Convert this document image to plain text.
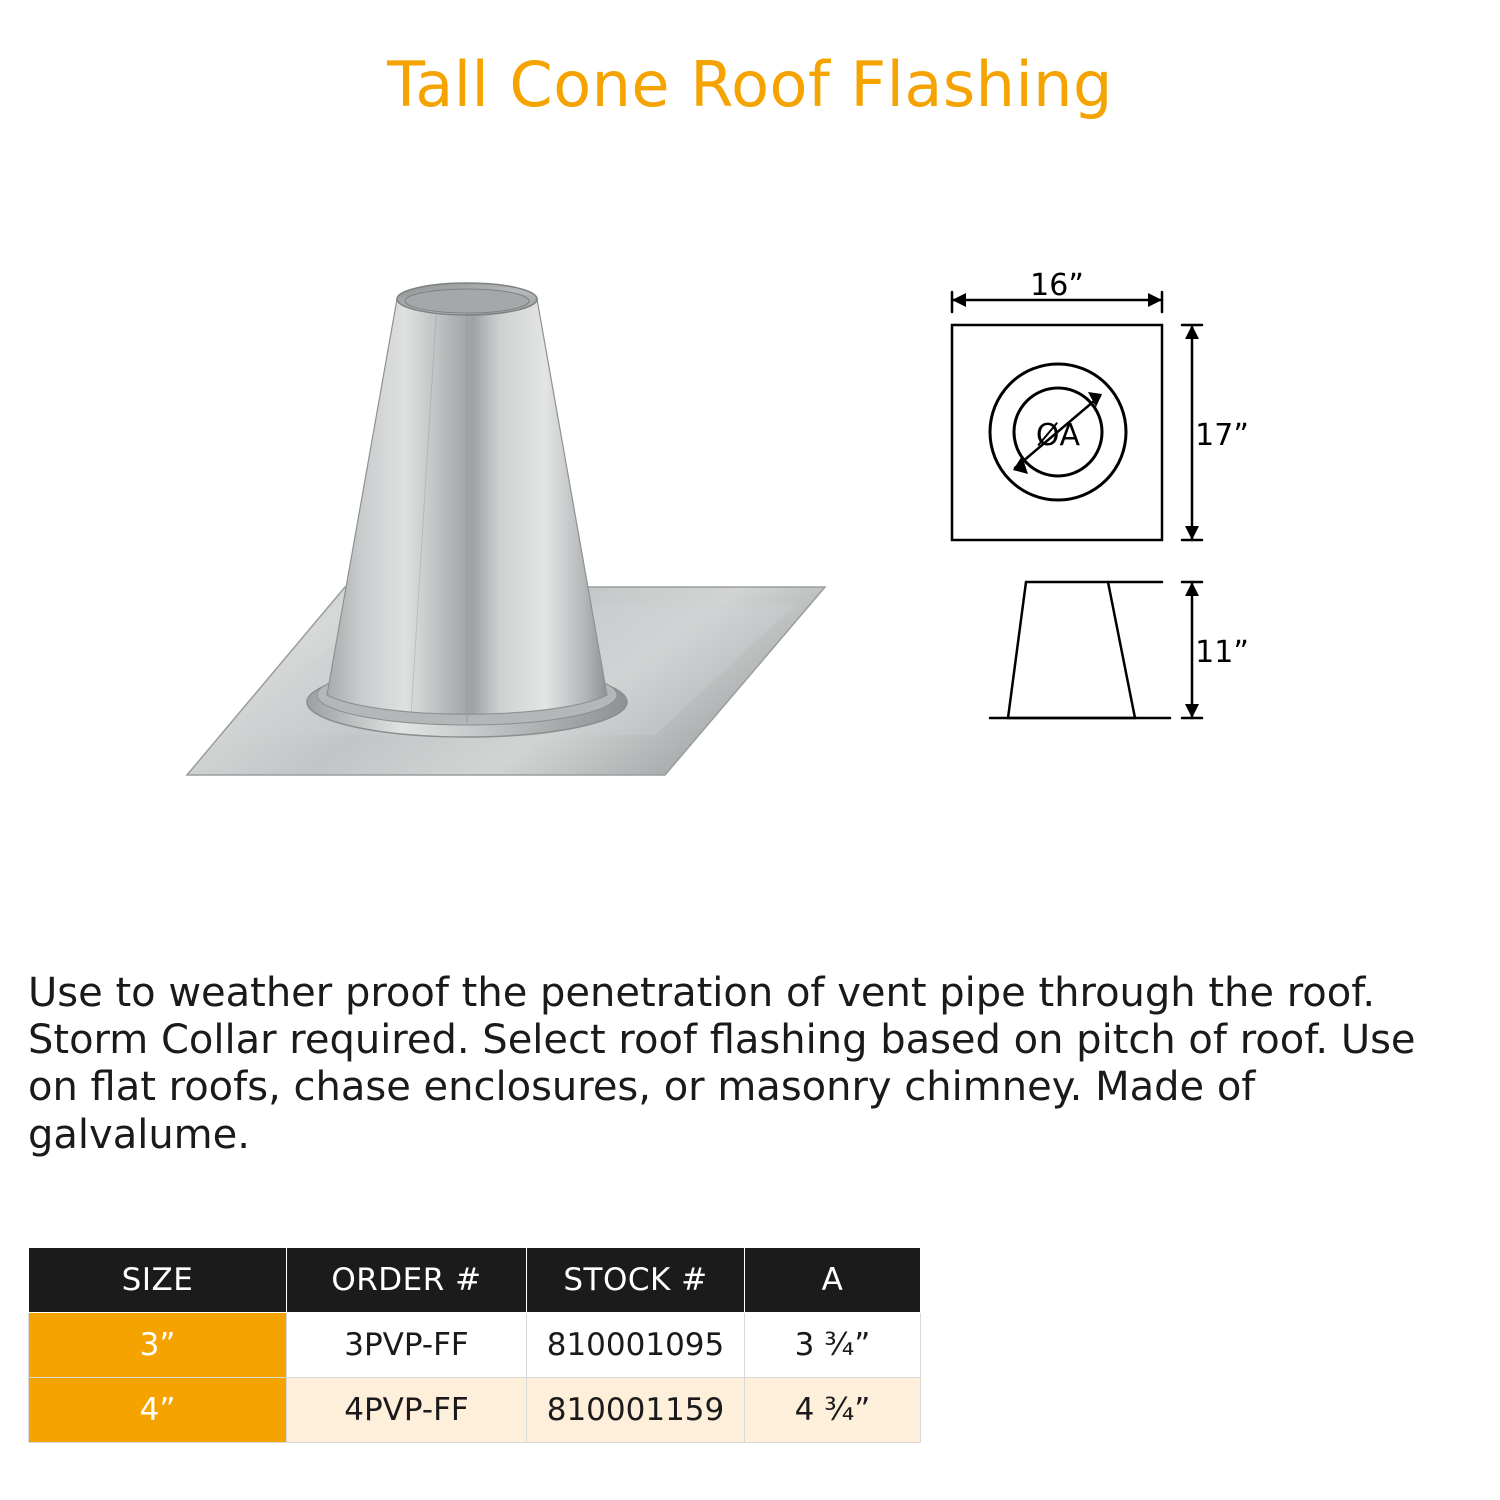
Tall Cone Roof Flashing
16”
17”
ØA
11”

Use to weather proof the penetration of vent pipe through the roof. Storm Collar required. Select roof flashing based on pitch of roof. Use on flat roofs, chase enclosures, or masonry chimney. Made of galvalume.

SIZE	ORDER #	STOCK #	A
3”	3PVP-FF	810001095	3 ¾”
4”	4PVP-FF	810001159	4 ¾”
